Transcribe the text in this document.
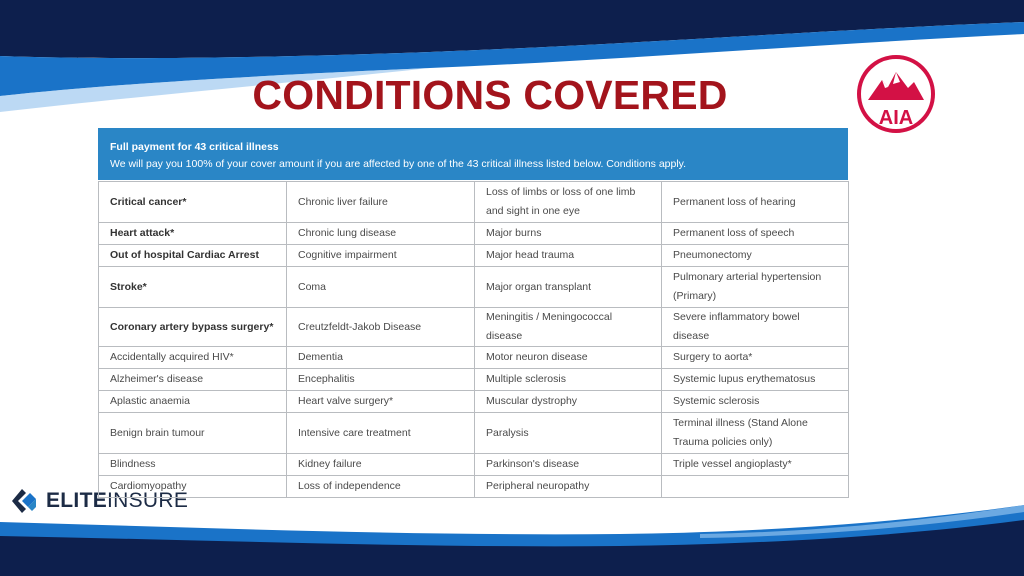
CONDITIONS COVERED	AIA
ELITEINSURE
Full payment for 43 critical illness
We will pay you 100% of your cover amount if you are affected by one of the 43 critical illness listed below. Conditions apply.
Critical cancer*	Chronic liver failure	Loss of limbs or loss of one limb and sight in one eye	Permanent loss of hearing
Heart attack*	Chronic lung disease	Major burns	Permanent loss of speech
Out of hospital Cardiac Arrest	Cognitive impairment	Major head trauma	Pneumonectomy
Stroke*	Coma	Major organ transplant	Pulmonary arterial hypertension (Primary)
Coronary artery bypass surgery*	Creutzfeldt-Jakob Disease	Meningitis / Meningococcal disease	Severe inflammatory bowel disease
Accidentally acquired HIV*	Dementia	Motor neuron disease	Surgery to aorta*
Alzheimer's disease	Encephalitis	Multiple sclerosis	Systemic lupus erythematosus
Aplastic anaemia	Heart valve surgery*	Muscular dystrophy	Systemic sclerosis
Benign brain tumour	Intensive care treatment	Paralysis	Terminal illness (Stand Alone Trauma policies only)
Blindness	Kidney failure	Parkinson's disease	Triple vessel angioplasty*
Cardiomyopathy	Loss of independence	Peripheral neuropathy	
